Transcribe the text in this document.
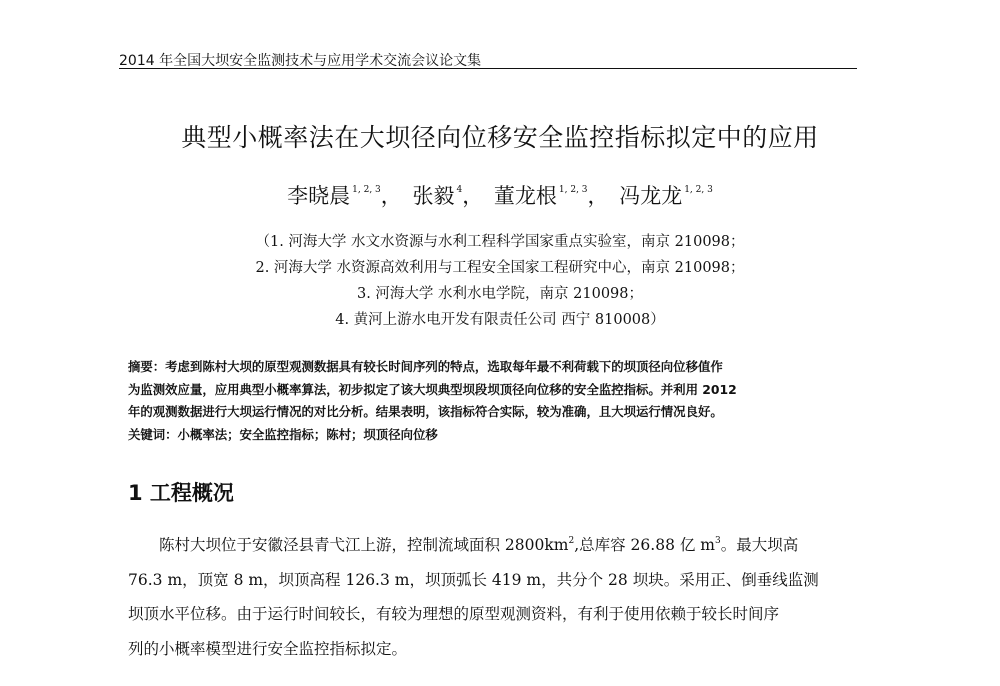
2014 年全国大坝安全监测技术与应用学术交流会议论文集
典型小概率法在大坝径向位移安全监控指标拟定中的应用
李晓晨 $^{1, 2, 3}$， 张毅 $^4$， 董龙根 $^{1, 2, 3}$， 冯龙龙 $^{1, 2, 3}$
（1. 河海大学 水文水资源与水利工程科学国家重点实验室，南京 210098；
2. 河海大学 水资源高效利用与工程安全国家工程研究中心，南京 210098；
3. 河海大学 水利水电学院，南京 210098；
4. 黄河上游水电开发有限责任公司 西宁 810008）
摘要：考虑到陈村大坝的原型观测数据具有较长时间序列的特点，选取每年最不利荷载下的坝顶径向位移值作
为监测效应量，应用典型小概率算法，初步拟定了该大坝典型坝段坝顶径向位移的安全监控指标。并利用 2012
年的观测数据进行大坝运行情况的对比分析。结果表明，该指标符合实际，较为准确，且大坝运行情况良好。
关键词：小概率法；安全监控指标；陈村；坝顶径向位移
1 工程概况
陈村大坝位于安徽泾县青弋江上游，控制流域面积 $2800km^2$,总库容 26.88 亿 $m^3$。最大坝高
76.3 m，顶宽 8 m，坝顶高程 126.3 m，坝顶弧长 419 m，共分个 28 坝块。采用正、倒垂线监测
坝顶水平位移。由于运行时间较长，有较为理想的原型观测资料，有利于使用依赖于较长时间序
列的小概率模型进行安全监控指标拟定。
